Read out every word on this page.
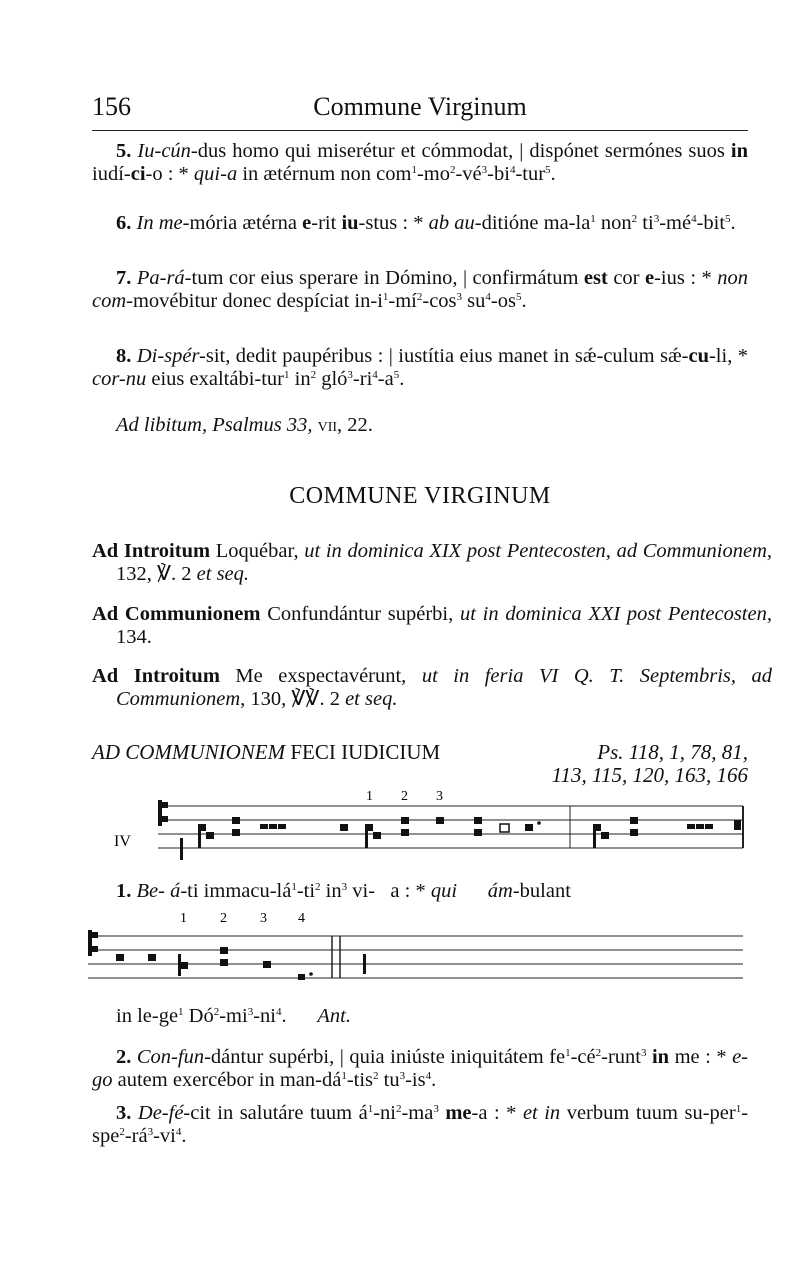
156	Commune Virginum
5. Iu-cún-dus homo qui miserétur et cómmodat, | dispónet sermónes suos in iudí-ci-o : * qui-a in ætérnum non $com^1-mo^2-vé^3-bi^4-tur^5$.
6. In me-mória ætérna e-rit iu-stus : * ab au-ditióne $ma-la^1$ non$^2$ $ti^3-mé^4-bit^5$.
7. Pa-rá-tum cor eius sperare in Dómino, | confirmátum est cor e-ius : * non com-movébitur donec despíciat $in-i^1-mí^2-\cos^3$ $su^4-os^5$.
8. Di-spér-sit, dedit paupéribus : | iustítia eius manet in sǽ-culum sǽ-cu-li, * cor-nu eius exaltábi-tur$^1$ $in^2$ $gló^3-ri^4-a^5$.
Ad libitum, Psalmus 33, vii, 22.
COMMUNE VIRGINUM
Ad Introitum Loquébar, ut in dominica XIX post Pentecosten, ad Communionem, 132, ℣. 2 et seq.
Ad Communionem Confundántur supérbi, ut in dominica XXI post Pentecosten, 134.
Ad Introitum Me exspectavérunt, ut in feria VI Q. T. Septembris, ad Communionem, 130, ℣℣. 2 et seq.
AD COMMUNIONEM FECI IUDICIUM	Ps. 118, 1, 78, 81,
113, 115, 120, 163, 166
IV
1 2 3
1. Be- á-ti immacu-$lá^1-ti^2$ $in^3$ vi- a : * qui ám-bulant
1 2 3 4
in $le-ge^1$ $Dó^2-mi^3-ni^4$. Ant.
2. Con-fun-dántur supérbi, | quia iniúste iniquitátem $fe^1-cé^2-runt^3$ in me : * e-go autem exercébor in man-$dá^1-tis^2$ $tu^3-is^4$.
3. De-fé-cit in salutáre tuum $á^1-ni^2-ma^3$ me-a : * et in verbum tuum $su-per^1-spe^2-rá^3-vi^4$.
